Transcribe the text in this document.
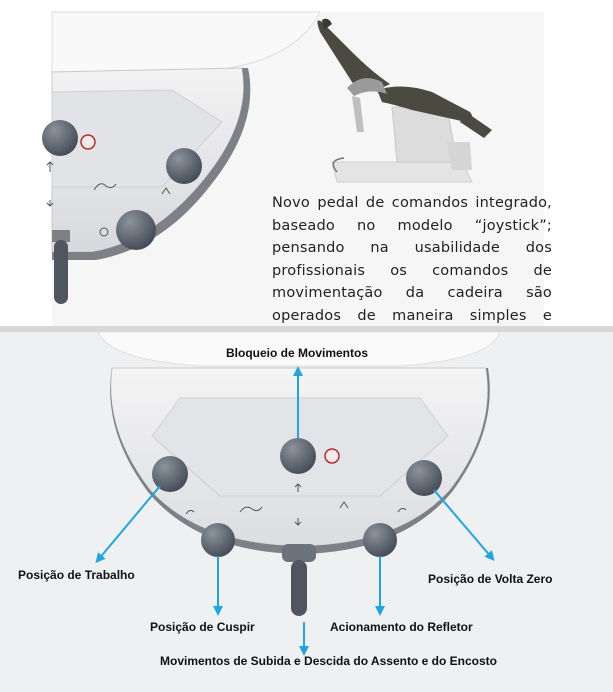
Novo pedal de comandos integrado, baseado no modelo “joystick”; pensando na usabilidade dos profissionais os comandos de movimentação da cadeira são operados de maneira simples e
Bloqueio de Movimentos
Posição de Trabalho	Posição de Volta Zero
Posição de Cuspir	Acionamento do Refletor
Movimentos de Subida e Descida do Assento e do Encosto
